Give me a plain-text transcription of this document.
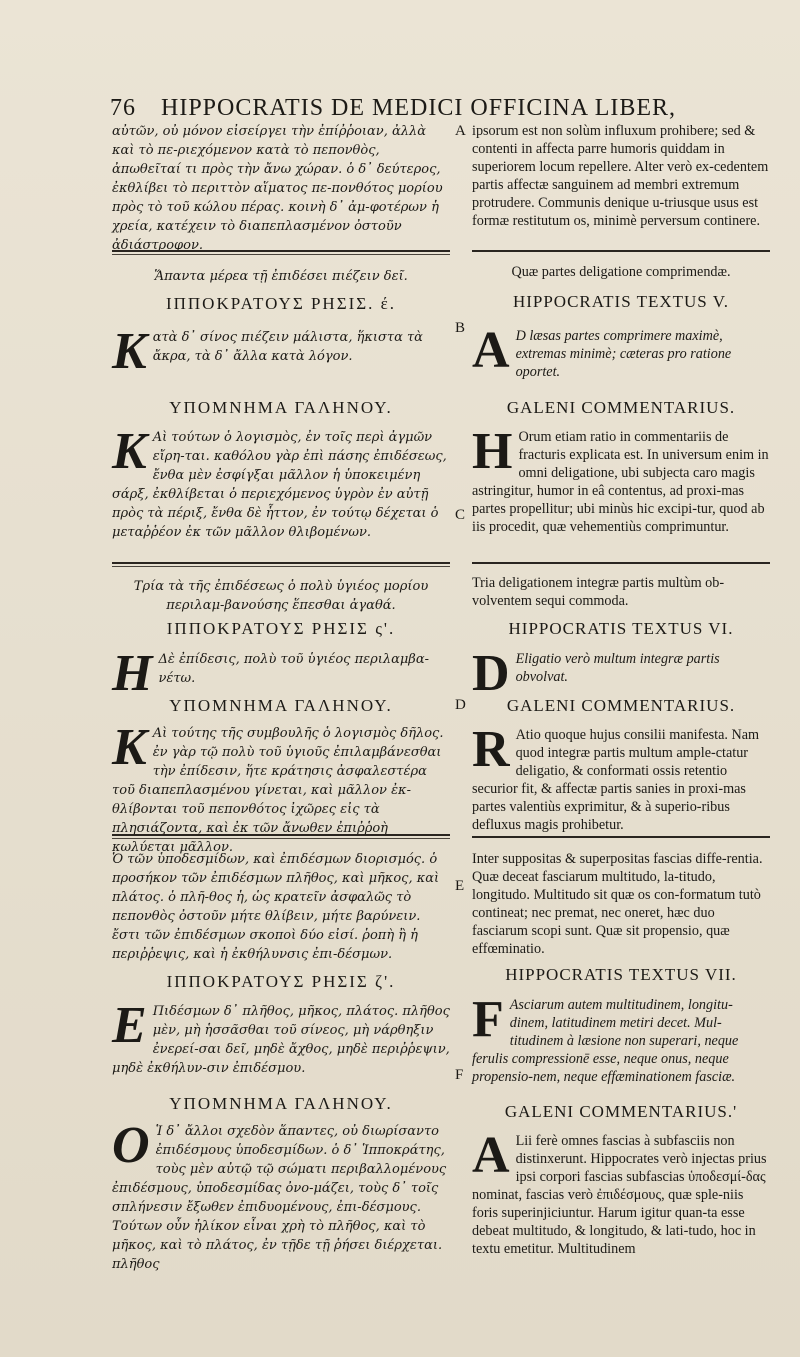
76 HIPPOCRATIS DE MEDICI OFFICINA LIBER,
A
B
C
D
E
F
αὐτῶν, οὐ μόνον εἰσείργει τὴν ἐπίῤῥοιαν, ἀλλὰ καὶ τὸ πε-ριεχόμενον κατὰ τὸ πεπονθὸς, ἀπωθεῖταί τι πρὸς τὴν ἄνω χώραν. ὁ δ᾽ δεύτερος, ἐκθλίβει τὸ περιττὸν αἵματος πε-πονθότος μορίου πρὸς τὸ τοῦ κώλου πέρας. κοινὴ δ᾽ ἀμ-φοτέρων ἡ χρεία, κατέχειν τὸ διαπεπλασμένον ὀστοῦν ἀδιάστροφον.
Ἅπαντα μέρεα τῇ ἐπιδέσει πιέζειν δεῖ.
ΙΠΠΟΚΡΑΤΟΥΣ ΡΗΣΙΣ. έ.
Κ ατὰ δ᾽ σίνος πιέζειν μάλιστα, ἥκιστα τὰ ἄκρα, τὰ δ᾽ ἄλλα κατὰ λόγον.
ΥΠΟΜΝΗΜΑ ΓΑΛΗΝΟΥ.
Κ Αὶ τούτων ὁ λογισμὸς, ἐν τοῖς περὶ ἀγμῶν εἴρη-ται. καθόλου γὰρ ἐπὶ πάσης ἐπιδέσεως, ἔνθα μὲν ἐσφίγξαι μᾶλλον ἡ ὑποκειμένη σάρξ, ἐκθλίβεται ὁ περιεχόμενος ὑγρὸν ἐν αὐτῇ πρὸς τὰ πέριξ, ἔνθα δὲ ἧττον, ἐν τούτῳ δέχεται ὁ μεταῤῥέον ἐκ τῶν μᾶλλον θλιβομένων.
Τρία τὰ τῆς ἐπιδέσεως ὁ πολὺ ὑγιέος μορίου περιλαμ-βανούσης ἕπεσθαι ἀγαθά.
ΙΠΠΟΚΡΑΤΟΥΣ ΡΗΣΙΣ ς'.
Η Δὲ ἐπίδεσις, πολὺ τοῦ ὑγιέος περιλαμβα-νέτω.
ΥΠΟΜΝΗΜΑ ΓΑΛΗΝΟΥ.
Κ Αὶ τούτης τῆς συμβουλῆς ὁ λογισμὸς δῆλος. ἐν γὰρ τῷ πολὺ τοῦ ὑγιοῦς ἐπιλαμβάνεσθαι τὴν ἐπίδεσιν, ἥτε κράτησις ἀσφαλεστέρα τοῦ διαπεπλασμένου γίνεται, καὶ μᾶλλον ἐκ-θλίβονται τοῦ πεπονθότος ἰχῶρες εἰς τὰ πλησιάζοντα, καὶ ἐκ τῶν ἄνωθεν ἐπιῤῥοὴ κωλύεται μᾶλλον.
Ὁ τῶν ὑποδεσμίδων, καὶ ἐπιδέσμων διορισμός. ὁ προσήκον τῶν ἐπιδέσμων πλῆθος, καὶ μῆκος, καὶ πλάτος. ὁ πλῆ-θος ἡ, ὡς κρατεῖν ἀσφαλῶς τὸ πεπονθὸς ὀστοῦν μήτε θλίβειν, μήτε βαρύνειν. ἔστι τῶν ἐπιδέσμων σκοποὶ δύο εἰσί. ῥοπὴ ἢ ἡ περιῤῥεψις, καὶ ἡ ἐκθήλυνσις ἐπι-δέσμων.
ΙΠΠΟΚΡΑΤΟΥΣ ΡΗΣΙΣ ζ'.
Ε Πιδέσμων δ᾽ πλῆθος, μῆκος, πλάτος. πλῆθος μὲν, μὴ ἡσσᾶσθαι τοῦ σίνεος, μὴ νάρθηξιν ἐνερεί-σαι δεῖ, μηδὲ ἄχθος, μηδὲ περιῤῥεψιν, μηδὲ ἐκθήλυν-σιν ἐπιδέσμου.
ΥΠΟΜΝΗΜΑ ΓΑΛΗΝΟΥ.
Ο Ἱ δ᾽ ἄλλοι σχεδὸν ἅπαντες, οὐ διωρίσαντο ἐπιδέσμους ὑποδεσμίδων. ὁ δ᾽ Ἱπποκράτης, τοὺς μὲν αὐτῷ τῷ σώματι περιβαλλομένους ἐπιδέσμους, ὑποδεσμίδας ὀνο-μάζει, τοὺς δ᾽ τοῖς σπλήνεσιν ἔξωθεν ἐπιδυομένους, ἐπι-δέσμους. Τούτων οὖν ἡλίκον εἶναι χρὴ τὸ πλῆθος, καὶ τὸ μῆκος, καὶ τὸ πλάτος, ἐν τῇδε τῇ ῥήσει διέρχεται. πλῆθος
ipsorum est non solùm influxum prohibere; sed & contenti in affecta parre humoris quiddam in superiorem locum repellere. Alter verò ex-cedentem partis affectæ sanguinem ad membri extremum protrudere. Communis denique u-triusque usus est formæ restitutum os, minimè perversum continere.
Quæ partes deligatione comprimendæ.
HIPPOCRATIS TEXTUS V.
A D læsas partes comprimere maximè, extremas minimè; cæteras pro ratione oportet.
GALENI COMMENTARIUS.
H Orum etiam ratio in commentariis de fracturis explicata est. In universum enim in omni deligatione, ubi subjecta caro magis astringitur, humor in eâ contentus, ad proxi-mas partes propellitur; ubi minùs hic excipi-tur, quod ab iis procedit, quæ vehementiùs comprimuntur.
Tria deligationem integræ partis multùm ob-volventem sequi commoda.
HIPPOCRATIS TEXTUS VI.
D Eligatio verò multum integræ partis obvolvat.
GALENI COMMENTARIUS.
R Atio quoque hujus consilii manifesta. Nam quod integræ partis multum ample-ctatur deligatio, & conformati ossis retentio securior fit, & affectæ partis sanies in proxi-mas partes valentiùs exprimitur, & à superio-ribus defluxus magis prohibetur.
Inter suppositas & superpositas fascias diffe-rentia. Quæ deceat fasciarum multitudo, la-titudo, longitudo. Multitudo sit quæ os con-formatum tutò contineat; nec premat, nec oneret, hæc duo fasciarum scopi sunt. Quæ sit propensio, quæ effœminatio.
HIPPOCRATIS TEXTUS VII.
F Asciarum autem multitudinem, longitu-dinem, latitudinem metiri decet. Mul-titudinem à læsione non superari, neque ferulis compressionē esse, neque onus, neque propensio-nem, neque effæminationem fasciæ.
GALENI COMMENTARIUS.'
A Lii ferè omnes fascias à subfasciis non distinxerunt. Hippocrates verò injectas prius ipsi corpori fascias subfascias ὑποδεσμί-δας nominat, fascias verò ἐπιδέσμους, quæ sple-niis foris superinjiciuntur. Harum igitur quan-ta esse debeat multitudo, & longitudo, & lati-tudo, hoc in textu emetitur. Multitudinem
